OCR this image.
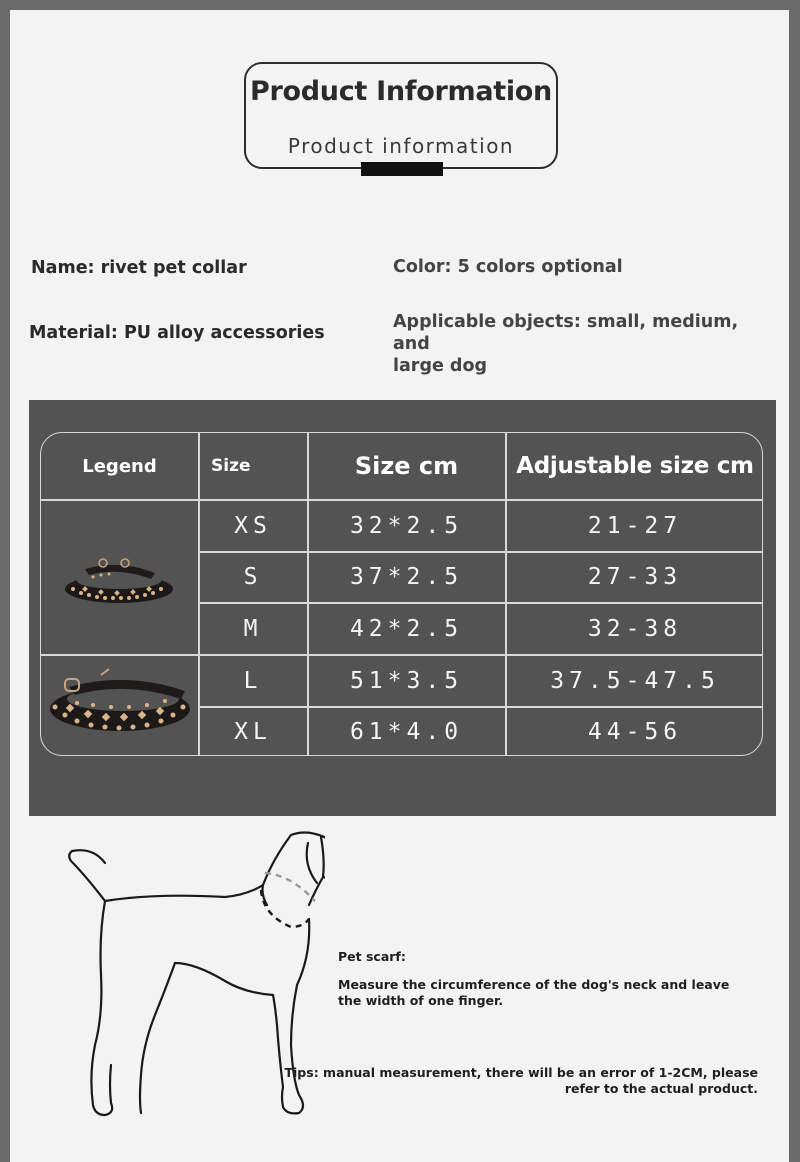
Product Information
Product information
Name: rivet pet collar
Material: PU alloy accessories
Color: 5 colors optional
Applicable objects: small, medium, and
large dog
Legend	Size	Size cm	Adjustable size cm
XS	32*2.5	21-27
S	37*2.5	27-33
M	42*2.5	32-38
L	51*3.5	37.5-47.5
XL	61*4.0	44-56
Pet scarf:
Measure the circumference of the dog's neck and leave
the width of one finger.
Tips: manual measurement, there will be an error of 1-2CM, please
refer to the actual product.
